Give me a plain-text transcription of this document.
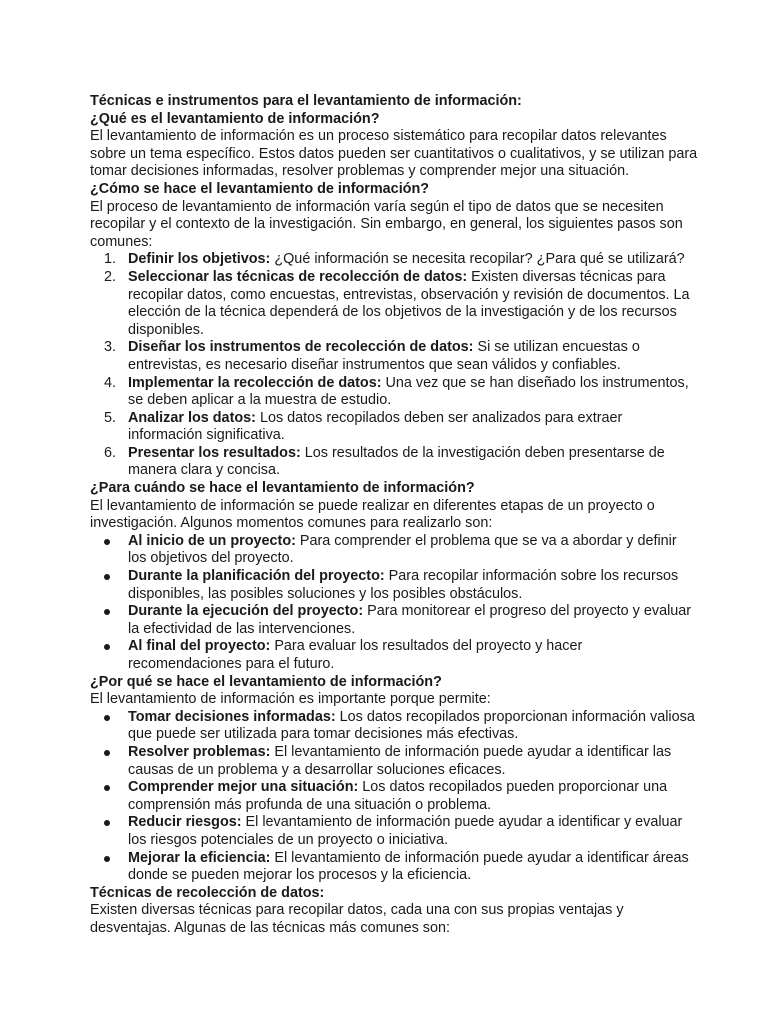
Técnicas e instrumentos para el levantamiento de información:

¿Qué es el levantamiento de información?

El levantamiento de información es un proceso sistemático para recopilar datos relevantes sobre un tema específico. Estos datos pueden ser cuantitativos o cualitativos, y se utilizan para tomar decisiones informadas, resolver problemas y comprender mejor una situación.

¿Cómo se hace el levantamiento de información?

El proceso de levantamiento de información varía según el tipo de datos que se necesiten recopilar y el contexto de la investigación. Sin embargo, en general, los siguientes pasos son comunes:

1. Definir los objetivos: ¿Qué información se necesita recopilar? ¿Para qué se utilizará?
2. Seleccionar las técnicas de recolección de datos: Existen diversas técnicas para recopilar datos, como encuestas, entrevistas, observación y revisión de documentos. La elección de la técnica dependerá de los objetivos de la investigación y de los recursos disponibles.
3. Diseñar los instrumentos de recolección de datos: Si se utilizan encuestas o entrevistas, es necesario diseñar instrumentos que sean válidos y confiables.
4. Implementar la recolección de datos: Una vez que se han diseñado los instrumentos, se deben aplicar a la muestra de estudio.
5. Analizar los datos: Los datos recopilados deben ser analizados para extraer información significativa.
6. Presentar los resultados: Los resultados de la investigación deben presentarse de manera clara y concisa.

¿Para cuándo se hace el levantamiento de información?

El levantamiento de información se puede realizar en diferentes etapas de un proyecto o investigación. Algunos momentos comunes para realizarlo son:

Al inicio de un proyecto: Para comprender el problema que se va a abordar y definir los objetivos del proyecto.
Durante la planificación del proyecto: Para recopilar información sobre los recursos disponibles, las posibles soluciones y los posibles obstáculos.
Durante la ejecución del proyecto: Para monitorear el progreso del proyecto y evaluar la efectividad de las intervenciones.
Al final del proyecto: Para evaluar los resultados del proyecto y hacer recomendaciones para el futuro.

¿Por qué se hace el levantamiento de información?

El levantamiento de información es importante porque permite:

Tomar decisiones informadas: Los datos recopilados proporcionan información valiosa que puede ser utilizada para tomar decisiones más efectivas.
Resolver problemas: El levantamiento de información puede ayudar a identificar las causas de un problema y a desarrollar soluciones eficaces.
Comprender mejor una situación: Los datos recopilados pueden proporcionar una comprensión más profunda de una situación o problema.
Reducir riesgos: El levantamiento de información puede ayudar a identificar y evaluar los riesgos potenciales de un proyecto o iniciativa.
Mejorar la eficiencia: El levantamiento de información puede ayudar a identificar áreas donde se pueden mejorar los procesos y la eficiencia.

Técnicas de recolección de datos:

Existen diversas técnicas para recopilar datos, cada una con sus propias ventajas y desventajas. Algunas de las técnicas más comunes son:
